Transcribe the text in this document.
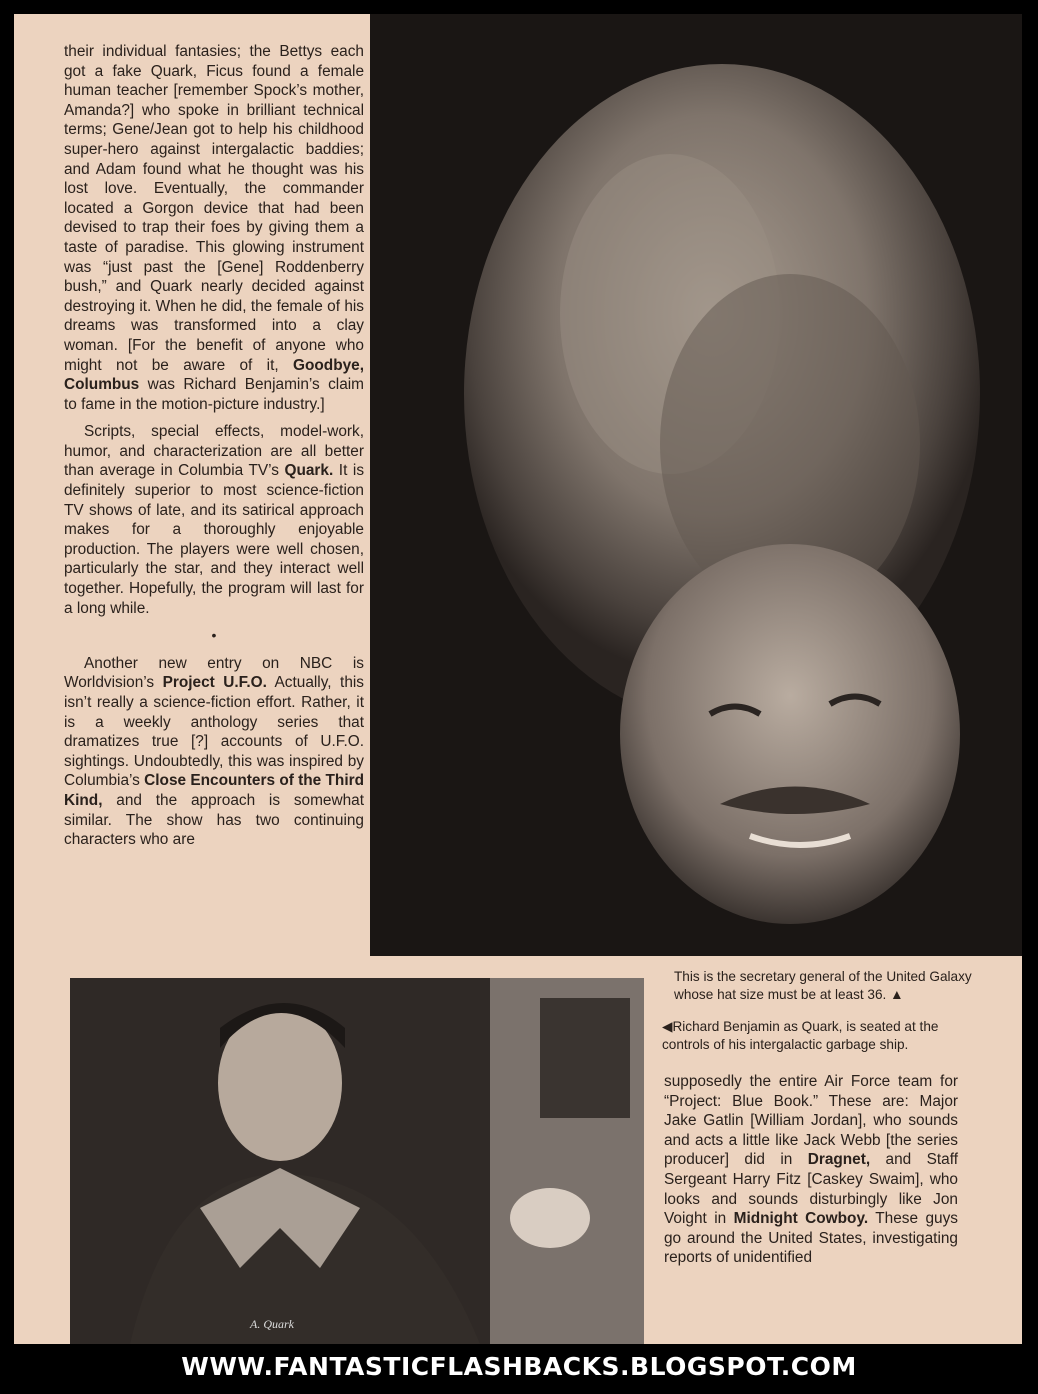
their individual fantasies; the Bettys each got a fake Quark, Ficus found a female human teacher [remember Spock’s mother, Amanda?] who spoke in brilliant technical terms; Gene/Jean got to help his childhood super-hero against intergalactic baddies; and Adam found what he thought was his lost love. Eventually, the commander located a Gorgon device that had been devised to trap their foes by giving them a taste of paradise. This glowing instrument was “just past the [Gene] Roddenberry bush,” and Quark nearly decided against destroying it. When he did, the female of his dreams was transformed into a clay woman. [For the benefit of anyone who might not be aware of it, Goodbye, Columbus was Richard Benjamin’s claim to fame in the motion-picture industry.]

Scripts, special effects, model-work, humor, and characterization are all better than average in Columbia TV’s Quark. It is definitely superior to most science-fiction TV shows of late, and its satirical approach makes for a thoroughly enjoyable production. The players were well chosen, particularly the star, and they interact well together. Hopefully, the program will last for a long while.

•

Another new entry on NBC is Worldvision’s Project U.F.O. Actually, this isn’t really a science-fiction effort. Rather, it is a weekly anthology series that dramatizes true [?] accounts of U.F.O. sightings. Undoubtedly, this was inspired by Columbia’s Close Encounters of the Third Kind, and the approach is somewhat similar. The show has two continuing characters who are

This is the secretary general of the United Galaxy whose hat size must be at least 36. ▲
◀Richard Benjamin as Quark, is seated at the controls of his intergalactic garbage ship.
A. Quark

supposedly the entire Air Force team for “Project: Blue Book.” These are: Major Jake Gatlin [William Jordan], who sounds and acts a little like Jack Webb [the series producer] did in Dragnet, and Staff Sergeant Harry Fitz [Caskey Swaim], who looks and sounds disturbingly like Jon Voight in Midnight Cowboy. These guys go around the United States, investigating reports of unidentified

WWW.FANTASTICFLASHBACKS.BLOGSPOT.COM
